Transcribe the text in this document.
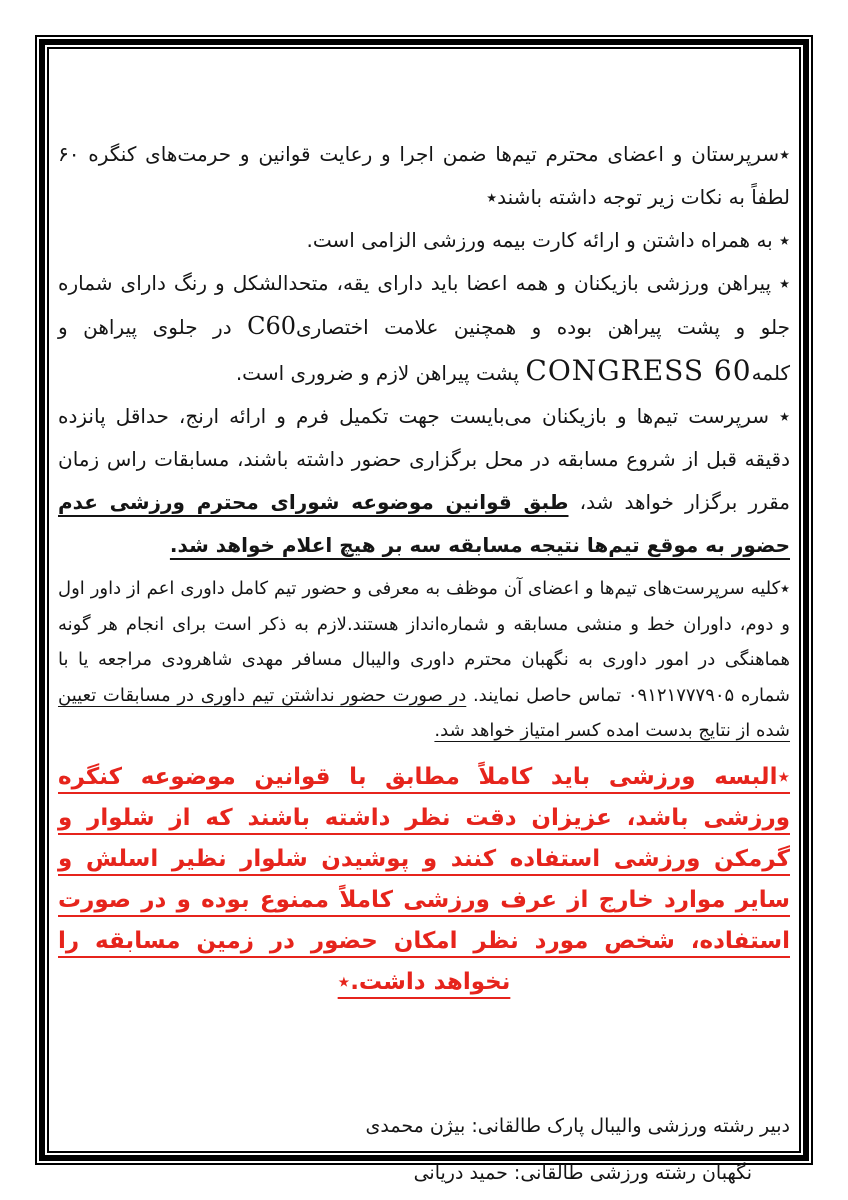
٭سرپرستان و اعضای محترم تیم‌ها ضمن اجرا و رعایت قوانین و حرمت‌های کنگره ۶۰ لطفاً به نکات زیر توجه داشته باشند٭

٭ به همراه داشتن و ارائه کارت بیمه ورزشی الزامی است.

٭ پیراهن ورزشی بازیکنان و همه اعضا باید دارای یقه، متحدالشکل و رنگ دارای شماره جلو و پشت پیراهن بوده و همچنین علامت اختصاریC60 در جلوی پیراهن و کلمهCONGRESS 60 پشت پیراهن لازم و ضروری است.

٭ سرپرست تیم‌ها و بازیکنان می‌بایست جهت تکمیل فرم و ارائه ارنج، حداقل پانزده دقیقه قبل از شروع مسابقه در محل برگزاری حضور داشته باشند، مسابقات راس زمان مقرر برگزار خواهد شد، طبق قوانین موضوعه شورای محترم ورزشی عدم حضور به موقع تیم‌ها نتیجه مسابقه سه بر هیچ اعلام خواهد شد.

٭کلیه سرپرست‌های تیم‌ها و اعضای آن موظف به معرفی و حضور تیم کامل داوری اعم از داور اول و دوم، داوران خط و منشی مسابقه و شماره‌انداز هستند.لازم به ذکر است برای انجام هر گونه هماهنگی در امور داوری به نگهبان محترم داوری والیبال مسافر مهدی شاهرودی مراجعه یا با شماره ۰۹۱۲۱۷۷۷۹۰۵ تماس حاصل نمایند. در صورت حضور نداشتن تیم داوری در مسابقات تعیین شده از نتایج بدست امده کسر امتیاز خواهد شد.

٭البسه ورزشی باید کاملاً مطابق با قوانین موضوعه کنگره ورزشی باشد، عزیزان دقت نظر داشته باشند که از شلوار و گرمکن ورزشی استفاده کنند و پوشیدن شلوار نظیر اسلش و سایر موارد خارج از عرف ورزشی کاملاً ممنوع بوده و در صورت استفاده، شخص مورد نظر امکان حضور در زمین مسابقه را نخواهد داشت.٭

دبیر رشته ورزشی والیبال پارک طالقانی: بیژن محمدی

نگهبان رشته ورزشی طالقانی: حمید دریانی
